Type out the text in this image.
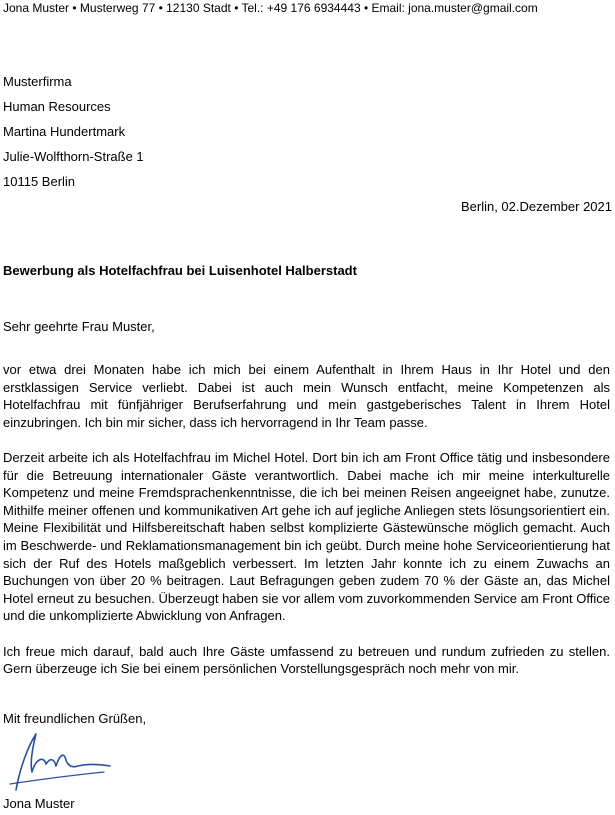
Jona Muster • Musterweg 77 • 12130 Stadt • Tel.: +49 176 6934443 • Email: jona.muster@gmail.com
Musterfirma
Human Resources
Martina Hundertmark
Julie-Wolfthorn-Straße 1
10115 Berlin
Berlin, 02.Dezember 2021
Bewerbung als Hotelfachfrau bei Luisenhotel Halberstadt
Sehr geehrte Frau Muster,

vor etwa drei Monaten habe ich mich bei einem Aufenthalt in Ihrem Haus in Ihr Hotel und den erstklassigen Service verliebt. Dabei ist auch mein Wunsch entfacht, meine Kompetenzen als Hotelfachfrau mit fünfjähriger Berufserfahrung und mein gastgeberisches Talent in Ihrem Hotel einzubringen. Ich bin mir sicher, dass ich hervorragend in Ihr Team passe.

Derzeit arbeite ich als Hotelfachfrau im Michel Hotel. Dort bin ich am Front Office tätig und insbesondere für die Betreuung internationaler Gäste verantwortlich. Dabei mache ich mir meine interkulturelle Kompetenz und meine Fremdsprachenkenntnisse, die ich bei meinen Reisen angeeignet habe, zunutze. Mithilfe meiner offenen und kommunikativen Art gehe ich auf jegliche Anliegen stets lösungsorientiert ein. Meine Flexibilität und Hilfsbereitschaft haben selbst komplizierte Gästewünsche möglich gemacht. Auch im Beschwerde- und Reklamationsmanagement bin ich geübt. Durch meine hohe Serviceorientierung hat sich der Ruf des Hotels maßgeblich verbessert. Im letzten Jahr konnte ich zu einem Zuwachs an Buchungen von über 20 % beitragen. Laut Befragungen geben zudem 70 % der Gäste an, das Michel Hotel erneut zu besuchen. Überzeugt haben sie vor allem vom zuvorkommenden Service am Front Office und die unkomplizierte Abwicklung von Anfragen.

Ich freue mich darauf, bald auch Ihre Gäste umfassend zu betreuen und rundum zufrieden zu stellen. Gern überzeuge ich Sie bei einem persönlichen Vorstellungsgespräch noch mehr von mir.

Mit freundlichen Grüßen,
Jona Muster
